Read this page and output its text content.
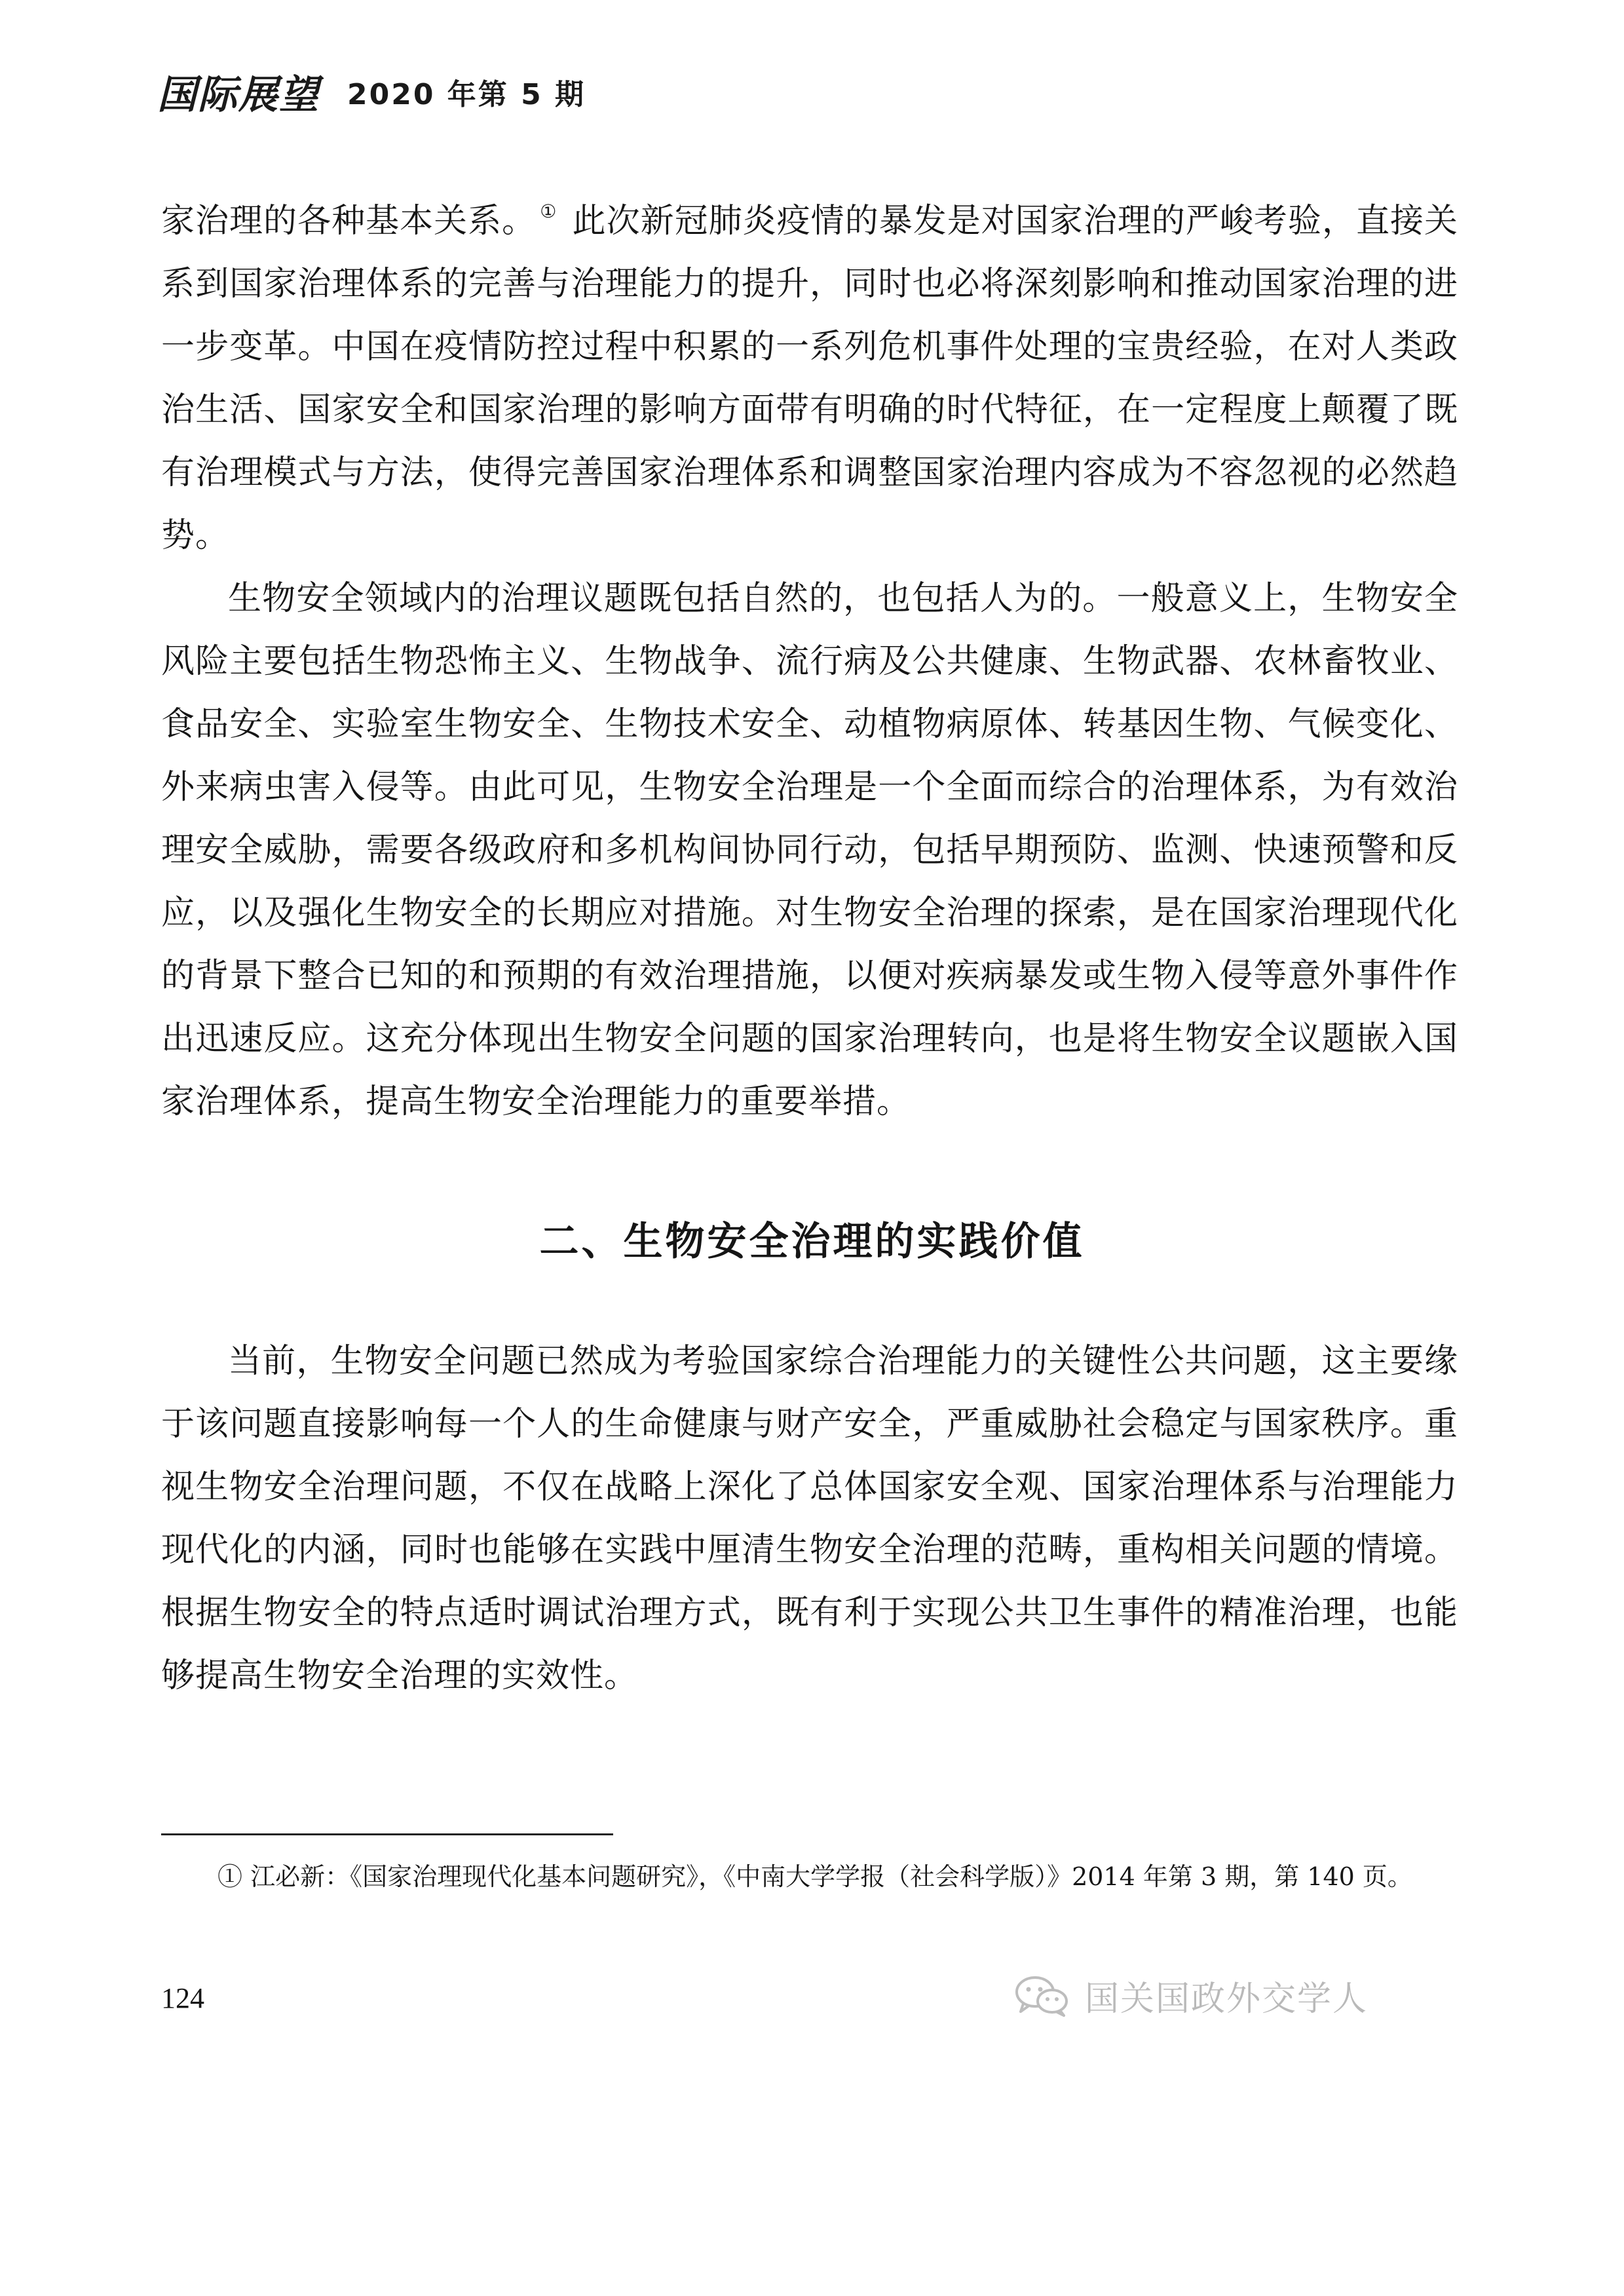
国际展望 2020 年第 5 期

家治理的各种基本关系。 ① 此次新冠肺炎疫情的暴发是对国家治理的严峻考验，直接关系到国家治理体系的完善与治理能力的提升，同时也必将深刻影响和推动国家治理的进一步变革。中国在疫情防控过程中积累的一系列危机事件处理的宝贵经验，在对人类政治生活、国家安全和国家治理的影响方面带有明确的时代特征，在一定程度上颠覆了既有治理模式与方法，使得完善国家治理体系和调整国家治理内容成为不容忽视的必然趋势。

生物安全领域内的治理议题既包括自然的，也包括人为的。一般意义上，生物安全风险主要包括生物恐怖主义、生物战争、流行病及公共健康、生物武器、农林畜牧业、食品安全、实验室生物安全、生物技术安全、动植物病原体、转基因生物、气候变化、外来病虫害入侵等。由此可见，生物安全治理是一个全面而综合的治理体系，为有效治理安全威胁，需要各级政府和多机构间协同行动，包括早期预防、监测、快速预警和反应，以及强化生物安全的长期应对措施。对生物安全治理的探索，是在国家治理现代化的背景下整合已知的和预期的有效治理措施，以便对疾病暴发或生物入侵等意外事件作出迅速反应。这充分体现出生物安全问题的国家治理转向，也是将生物安全议题嵌入国家治理体系，提高生物安全治理能力的重要举措。

二、生物安全治理的实践价值

当前，生物安全问题已然成为考验国家综合治理能力的关键性公共问题，这主要缘于该问题直接影响每一个人的生命健康与财产安全，严重威胁社会稳定与国家秩序。重视生物安全治理问题，不仅在战略上深化了总体国家安全观、国家治理体系与治理能力现代化的内涵，同时也能够在实践中厘清生物安全治理的范畴，重构相关问题的情境。根据生物安全的特点适时调试治理方式，既有利于实现公共卫生事件的精准治理，也能够提高生物安全治理的实效性。

① 江必新：《国家治理现代化基本问题研究》，《中南大学学报（社会科学版）》2014 年第 3 期，第 140 页。
124	国关国政外交学人
